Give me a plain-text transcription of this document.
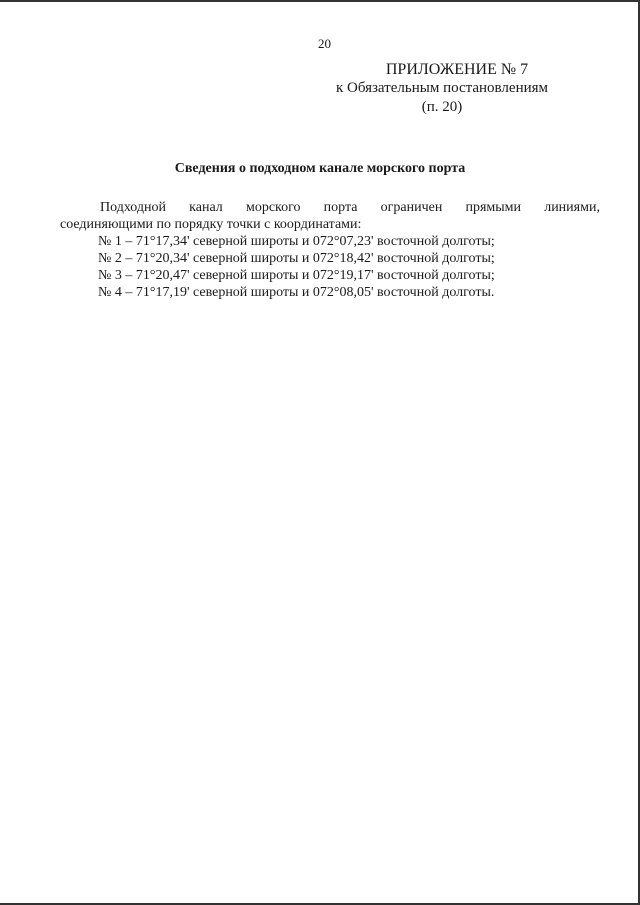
20
ПРИЛОЖЕНИЕ № 7
к Обязательным постановлениям
(п. 20)
Сведения о подходном канале морского порта
Подходной канал морского порта ограничен прямыми линиями,

соединяющими по порядку точки с координатами:

№ 1 – 71°17,34' северной широты и 072°07,23' восточной долготы;

№ 2 – 71°20,34' северной широты и 072°18,42' восточной долготы;

№ 3 – 71°20,47' северной широты и 072°19,17' восточной долготы;

№ 4 – 71°17,19' северной широты и 072°08,05' восточной долготы.
